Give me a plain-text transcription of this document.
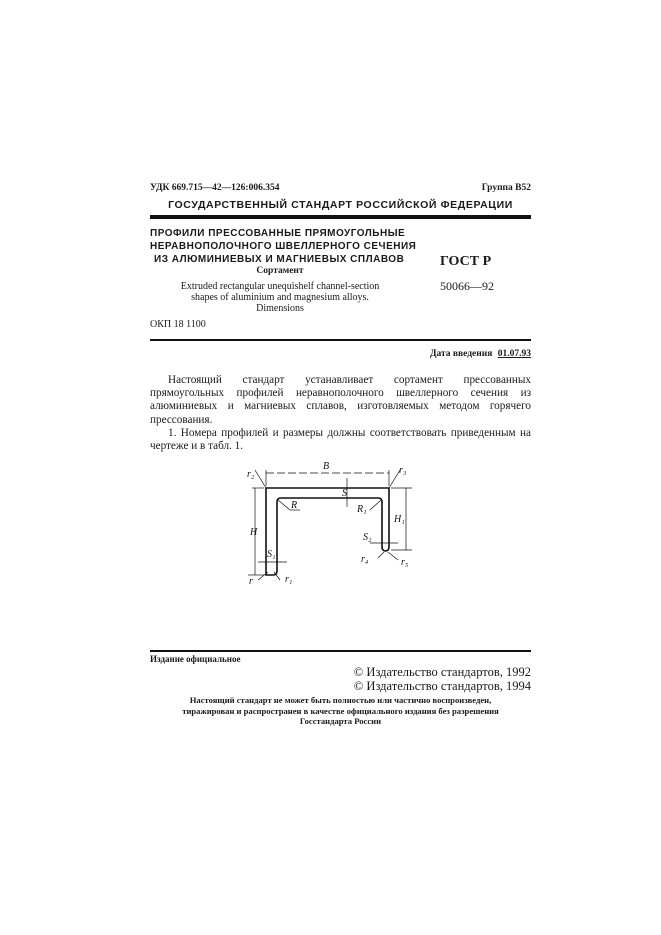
УДК 669.715—42—126:006.354	Группа В52
ГОСУДАРСТВЕННЫЙ СТАНДАРТ РОССИЙСКОЙ ФЕДЕРАЦИИ
ПРОФИЛИ ПРЕССОВАННЫЕ ПРЯМОУГОЛЬНЫЕ
НЕРАВНОПОЛОЧНОГО ШВЕЛЛЕРНОГО СЕЧЕНИЯ
ИЗ АЛЮМИНИЕВЫХ И МАГНИЕВЫХ СПЛАВОВ
Сортамент
Extruded rectangular unequishelf channel-section
shapes of aluminium and magnesium alloys.
Dimensions
ГОСТ Р
50066—92
ОКП 18 1100
Дата введения 01.07.93

Настоящий стандарт устанавливает сортамент прессованных прямоугольных профилей неравнополочного швеллерного сечения из алюминиевых и магниевых сплавов, изготовляемых методом горячего прессования.

1. Номера профилей и размеры должны соответствовать приведенным на чертеже и в табл. 1.

B
S
R	R₁
H
H₁
S₁
S₂
r	r₁
r₂	r₃
r₄	r₅
Издание официальное
© Издательство стандартов, 1992
© Издательство стандартов, 1994
Настоящий стандарт не может быть полностью или частично воспроизведен,
тиражирован и распространен в качестве официального издания без разрешения
Госстандарта России
